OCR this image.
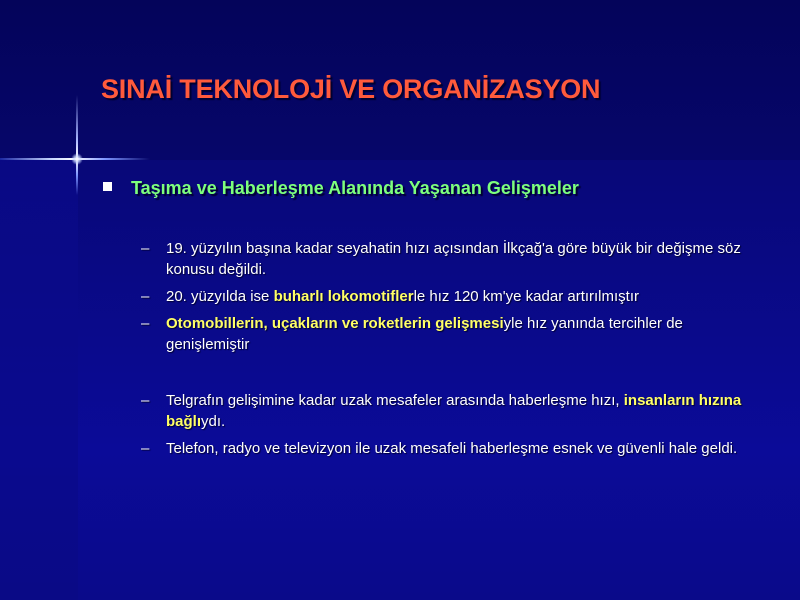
SINAİ TEKNOLOJİ VE ORGANİZASYON
Taşıma ve Haberleşme Alanında Yaşanan Gelişmeler
–	19. yüzyılın başına kadar seyahatin hızı açısından İlkçağ'a göre büyük bir değişme söz konusu değildi.
–	20. yüzyılda ise buharlı lokomotiflerle hız 120 km'ye kadar artırılmıştır
–	Otomobillerin, uçakların ve roketlerin gelişmesiyle hız yanında tercihler de genişlemiştir
–	Telgrafın gelişimine kadar uzak mesafeler arasında haberleşme hızı, insanların hızına bağlıydı.
–	Telefon, radyo ve televizyon ile uzak mesafeli haberleşme esnek ve güvenli hale geldi.
